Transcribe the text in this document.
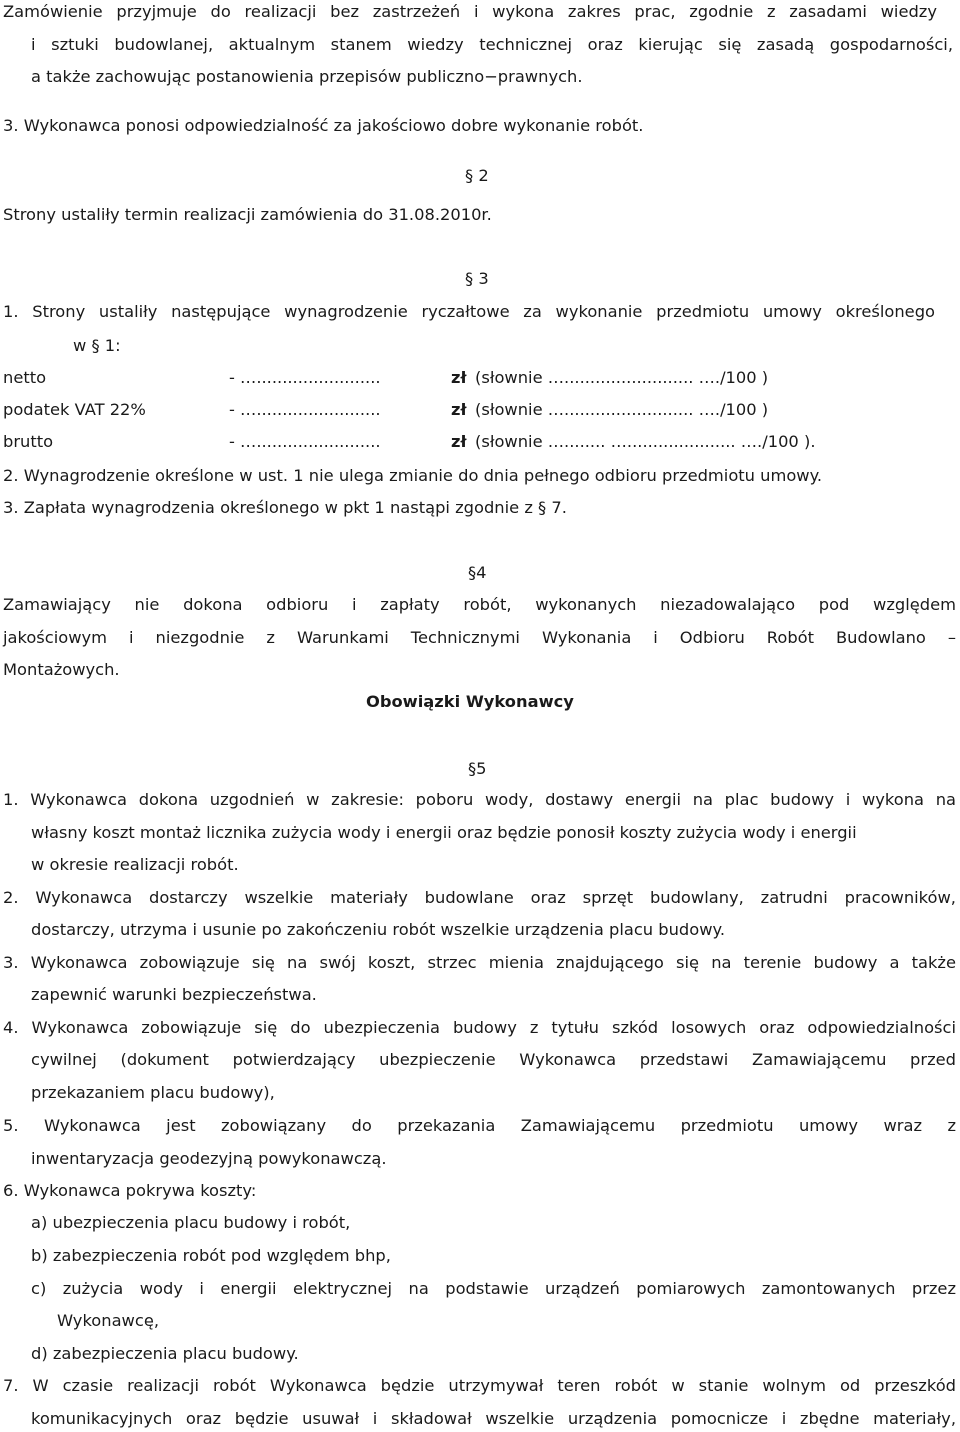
Zamówienie przyjmuje do realizacji bez zastrzeżeń i wykona zakres prac, zgodnie z zasadami wiedzy
i sztuki budowlanej, aktualnym stanem wiedzy technicznej oraz kierując się zasadą gospodarności,
a także zachowując postanowienia przepisów publiczno−prawnych.
3. Wykonawca ponosi odpowiedzialność za jakościowo dobre wykonanie robót.
§ 2
Strony ustaliły termin realizacji zamówienia do 31.08.2010r.
§ 3
1. Strony ustaliły następujące wynagrodzenie ryczałtowe za wykonanie przedmiotu umowy określonego
w § 1:
netto	- …........................	zł (słownie …......................... …./100 )
podatek VAT 22%	- …........................	zł (słownie …......................... …./100 )
brutto	- …........................	zł (słownie …........ …..................... …./100 ).
2. Wynagrodzenie określone w ust. 1 nie ulega zmianie do dnia pełnego odbioru przedmiotu umowy.
3. Zapłata wynagrodzenia określonego w pkt 1 nastąpi zgodnie z § 7.
§4
Zamawiający nie dokona odbioru i zapłaty robót, wykonanych niezadowalająco pod względem
jakościowym i niezgodnie z Warunkami Technicznymi Wykonania i Odbioru Robót Budowlano –
Montażowych.
Obowiązki Wykonawcy
§5
1. Wykonawca dokona uzgodnień w zakresie: poboru wody, dostawy energii na plac budowy i wykona na
własny koszt montaż licznika zużycia wody i energii oraz będzie ponosił koszty zużycia wody i energii
w okresie realizacji robót.
2. Wykonawca dostarczy wszelkie materiały budowlane oraz sprzęt budowlany, zatrudni pracowników,
dostarczy, utrzyma i usunie po zakończeniu robót wszelkie urządzenia placu budowy.
3. Wykonawca zobowiązuje się na swój koszt, strzec mienia znajdującego się na terenie budowy a także
zapewnić warunki bezpieczeństwa.
4. Wykonawca zobowiązuje się do ubezpieczenia budowy z tytułu szkód losowych oraz odpowiedzialności
cywilnej (dokument potwierdzający ubezpieczenie Wykonawca przedstawi Zamawiającemu przed
przekazaniem placu budowy),
5. Wykonawca jest zobowiązany do przekazania Zamawiającemu przedmiotu umowy wraz z
inwentaryzacja geodezyjną powykonawczą.
6. Wykonawca pokrywa koszty:
a) ubezpieczenia placu budowy i robót,
b) zabezpieczenia robót pod względem bhp,
c) zużycia wody i energii elektrycznej na podstawie urządzeń pomiarowych zamontowanych przez
Wykonawcę,
d) zabezpieczenia placu budowy.
7. W czasie realizacji robót Wykonawca będzie utrzymywał teren robót w stanie wolnym od przeszkód
komunikacyjnych oraz będzie usuwał i składował wszelkie urządzenia pomocnicze i zbędne materiały,
